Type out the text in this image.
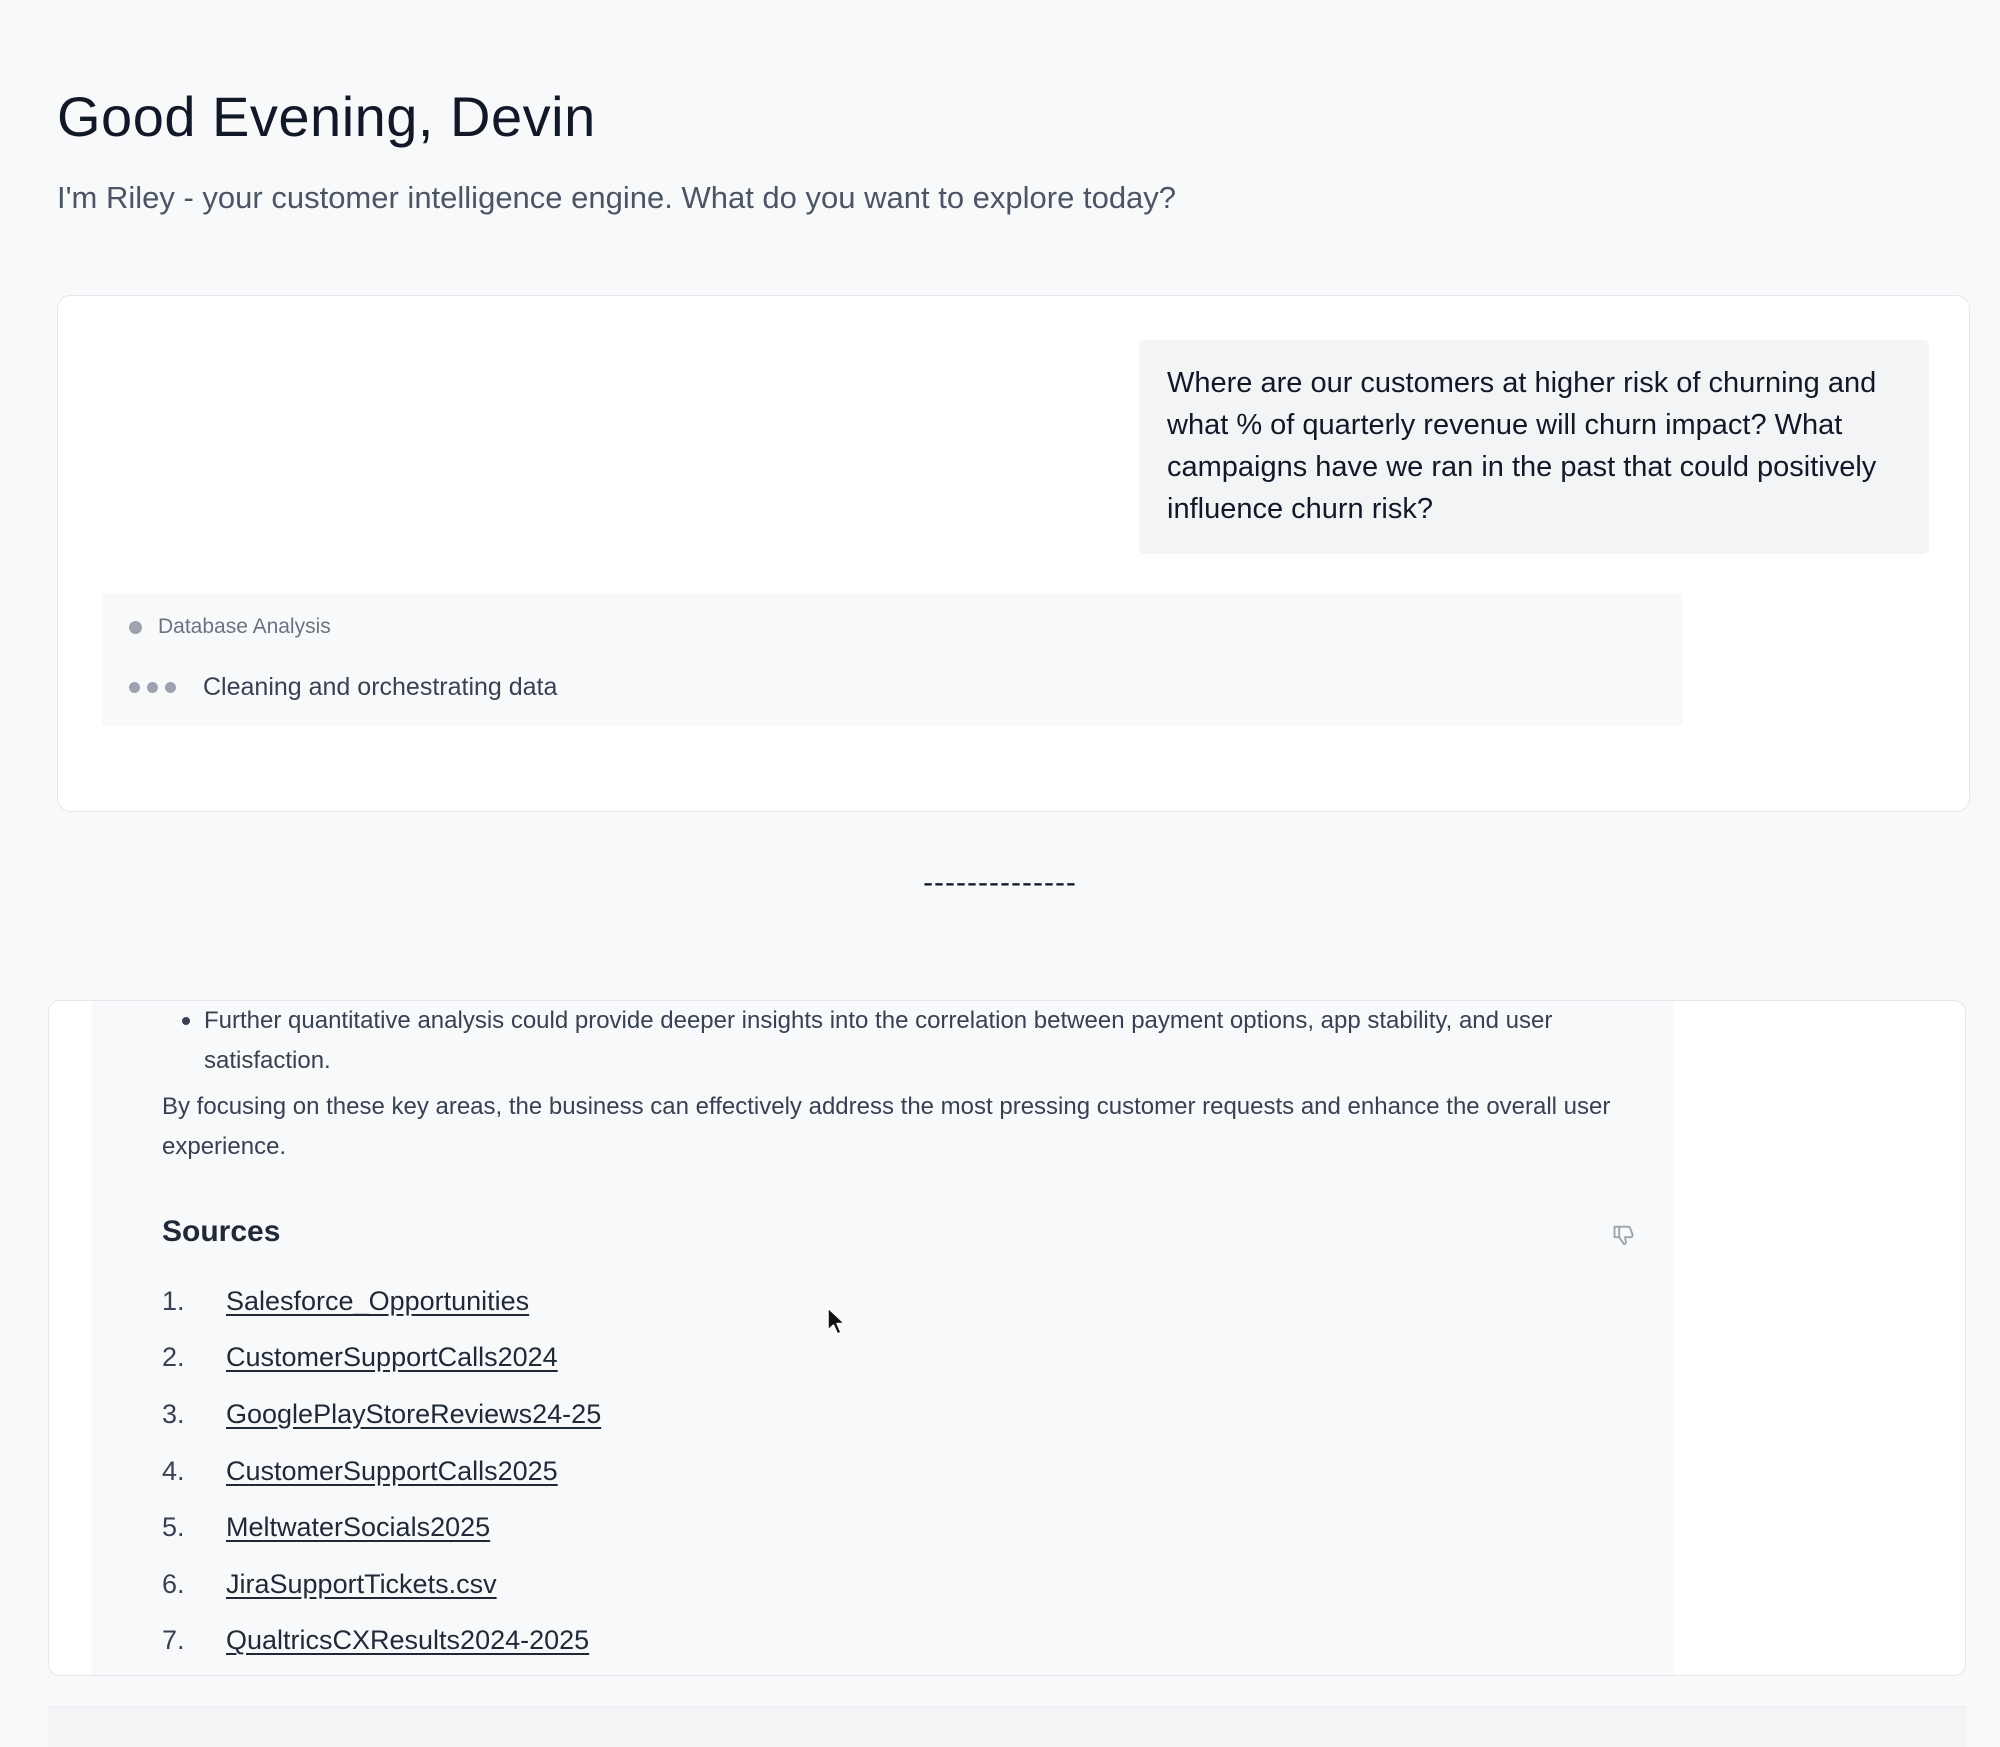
Good Evening, Devin

I'm Riley - your customer intelligence engine. What do you want to explore today?

Where are our customers at higher risk of churning and what % of quarterly revenue will churn impact? What campaigns have we ran in the past that could positively influence churn risk?
Database Analysis
Cleaning and orchestrating data
--------------
Further quantitative analysis could provide deeper insights into the correlation between payment options, app stability, and user satisfaction.

By focusing on these key areas, the business can effectively address the most pressing customer requests and enhance the overall user experience.

Sources
1.	Salesforce_Opportunities
2.	CustomerSupportCalls2024
3.	GooglePlayStoreReviews24-25
4.	CustomerSupportCalls2025
5.	MeltwaterSocials2025
6.	JiraSupportTickets.csv
7.	QualtricsCXResults2024-2025
